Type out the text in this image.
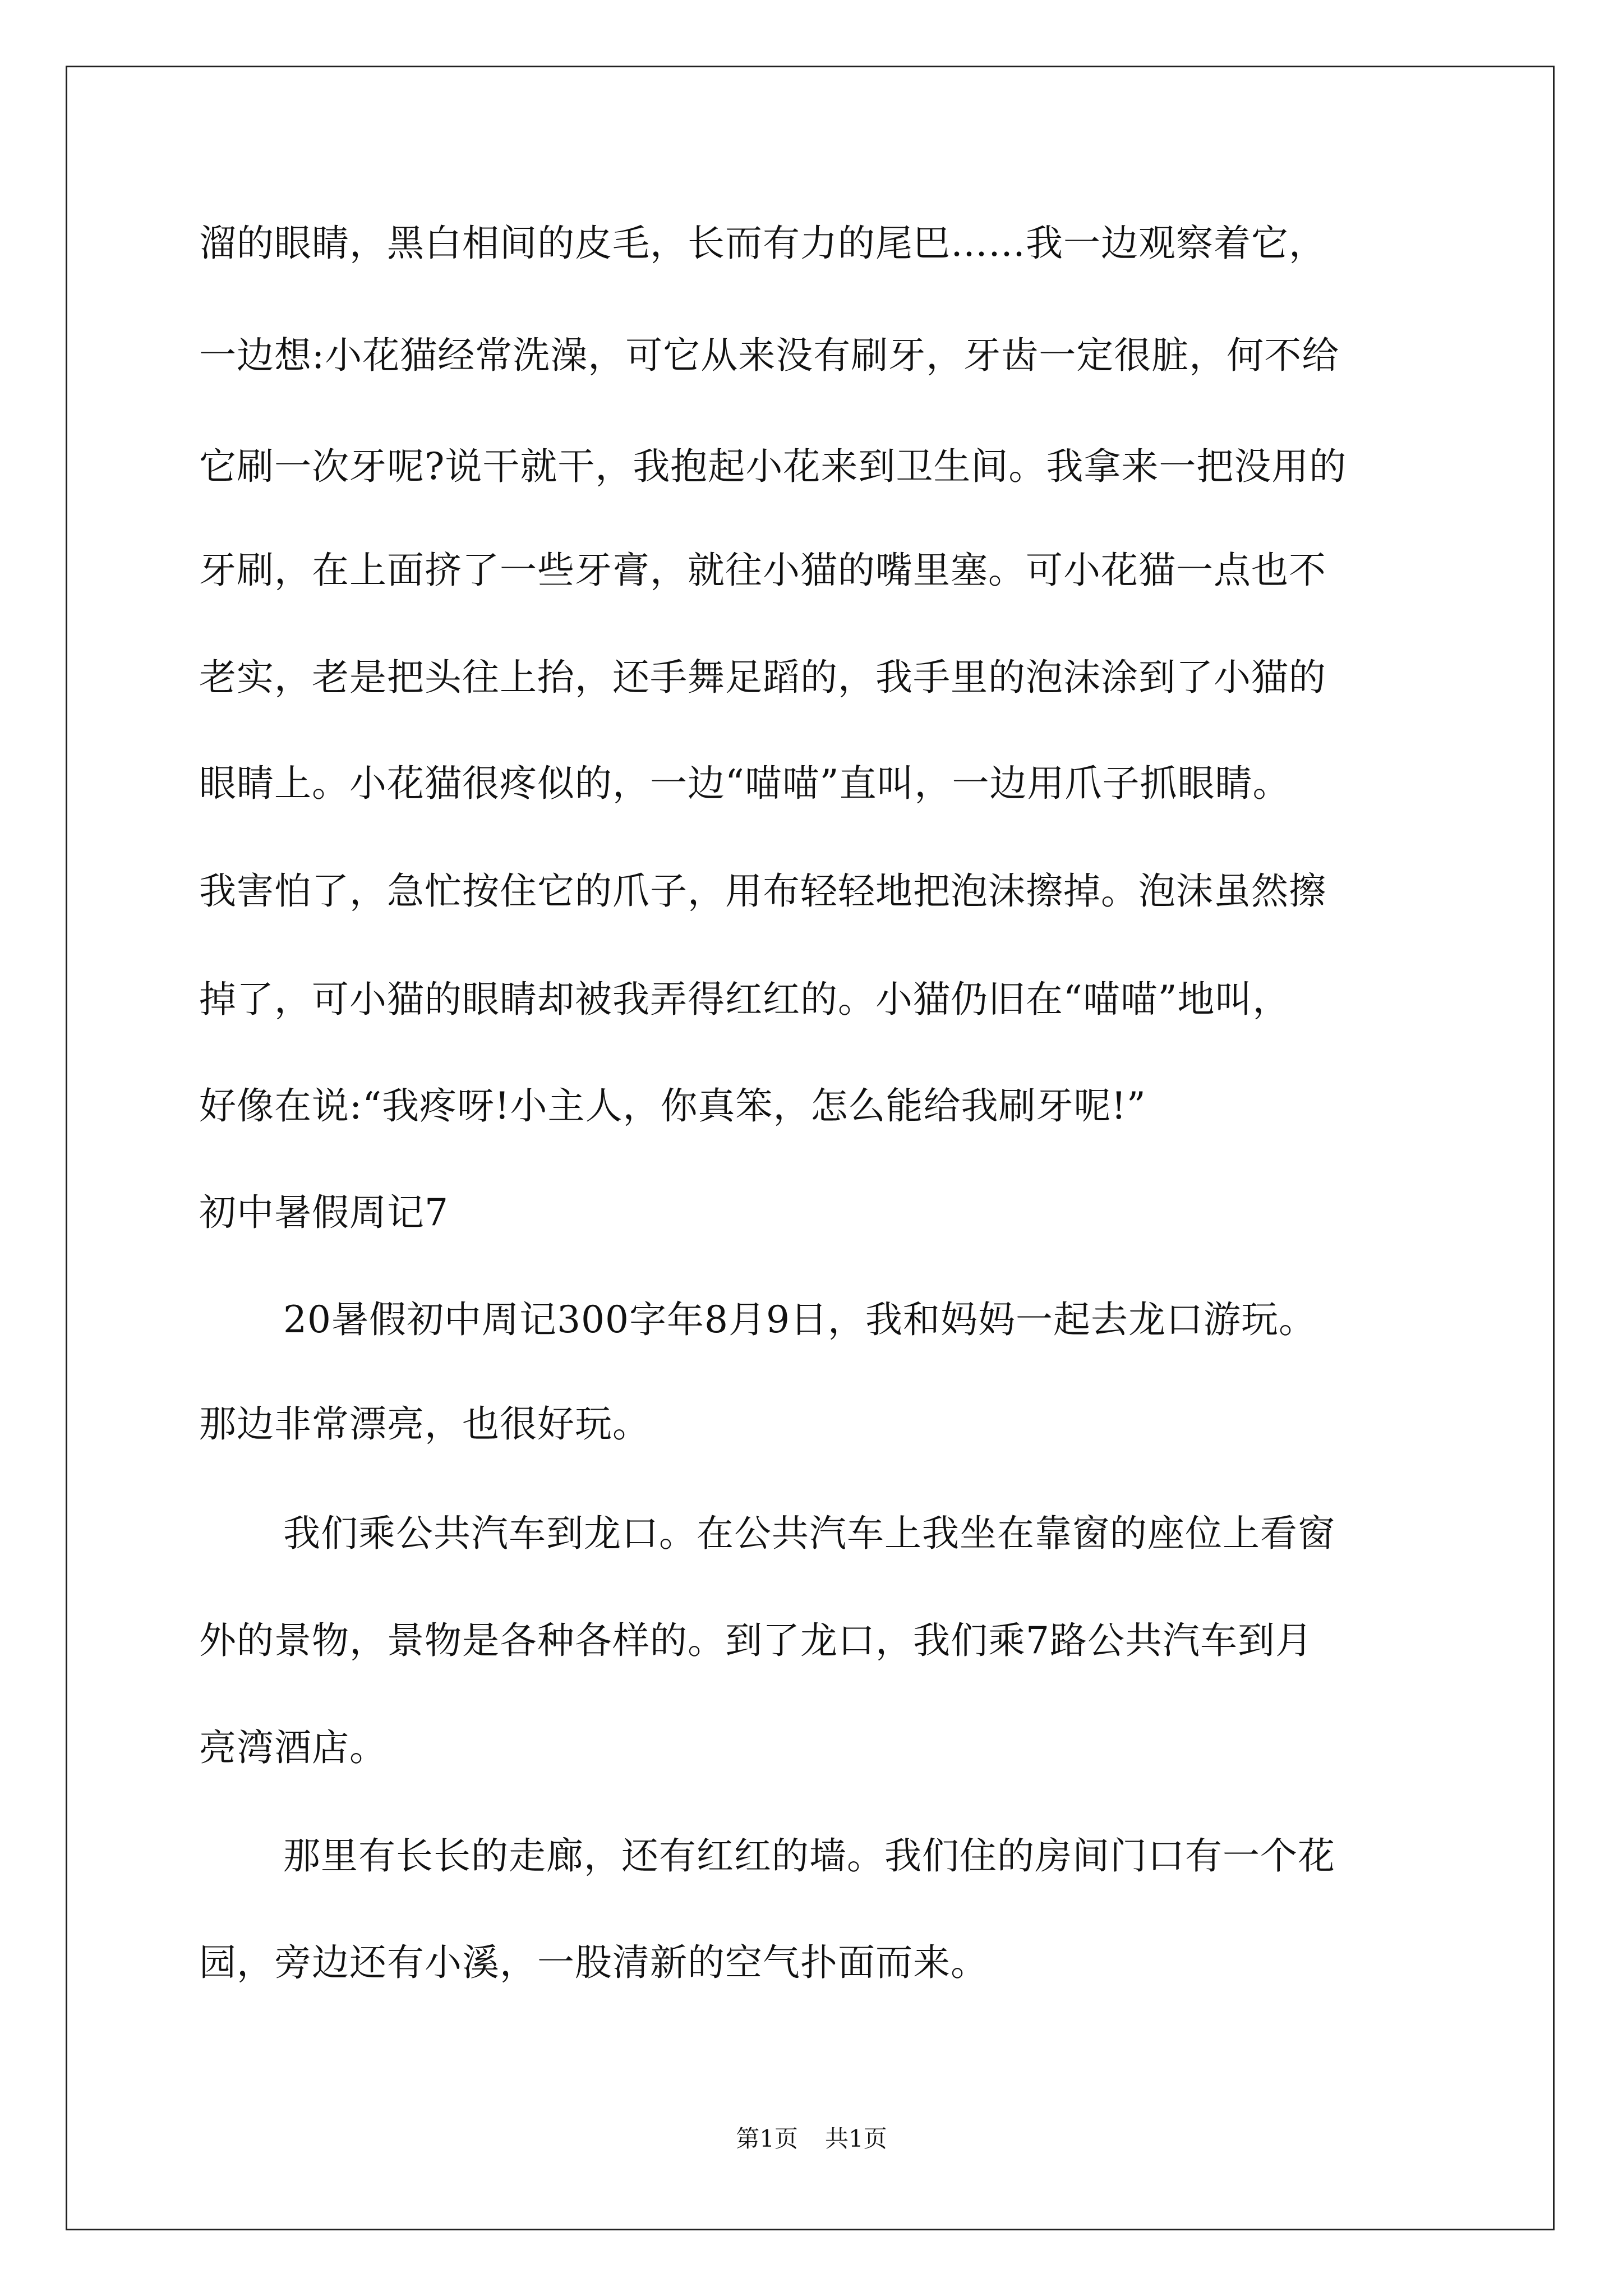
溜的眼睛，黑白相间的皮毛，长而有力的尾巴……我一边观察着它，
一边想:小花猫经常洗澡，可它从来没有刷牙，牙齿一定很脏，何不给
它刷一次牙呢?说干就干，我抱起小花来到卫生间。我拿来一把没用的
牙刷，在上面挤了一些牙膏，就往小猫的嘴里塞。可小花猫一点也不
老实，老是把头往上抬，还手舞足蹈的，我手里的泡沫涂到了小猫的
眼睛上。小花猫很疼似的，一边“喵喵”直叫，一边用爪子抓眼睛。
我害怕了，急忙按住它的爪子，用布轻轻地把泡沫擦掉。泡沫虽然擦
掉了，可小猫的眼睛却被我弄得红红的。小猫仍旧在“喵喵”地叫，
好像在说:“我疼呀!小主人，你真笨，怎么能给我刷牙呢!”
初中暑假周记7
20暑假初中周记300字年8月9日，我和妈妈一起去龙口游玩。
那边非常漂亮，也很好玩。
我们乘公共汽车到龙口。在公共汽车上我坐在靠窗的座位上看窗
外的景物，景物是各种各样的。到了龙口，我们乘7路公共汽车到月
亮湾酒店。
那里有长长的走廊，还有红红的墙。我们住的房间门口有一个花
园，旁边还有小溪，一股清新的空气扑面而来。
第1页 共1页
